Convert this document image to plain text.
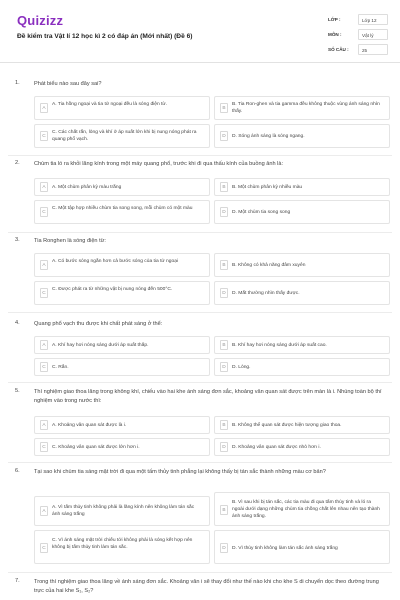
Quizizz
Đề kiểm tra Vật lí 12 học kì 2 có đáp án (Mới nhất) (Đề 6)
LỚP :	Lớp 12
MÔN :	Vật lý
SỐ CÂU :	25
1.	Phát biểu nào sau đây sai?
A
A. Tia hồng ngoại và tia tử ngoại đều là sóng điện từ.
B
B. Tia Ron-ghen và tia gamma đều không thuộc vùng ánh sáng nhìn thấy.
C
C. Các chất rắn, lỏng và khí ở áp suất lớn khi bị nung nóng phát ra quang phổ vạch.
D	D. Sóng ánh sáng là sóng ngang.
2.	Chùm tia ló ra khỏi lăng kính trong một máy quang phổ, trước khi đi qua thấu kính của buồng ảnh là:
A	A. Một chùm phân kỳ màu trắng	B	B. Một chùm phân kỳ nhiều màu
C
C. Một tập hợp nhiều chùm tia song song, mỗi chùm có một màu
D	D. Một chùm tia song song
3.	Tia Ronghen là sóng điện từ:
A
A. Có bước sóng ngắn hơn cả bước sóng của tia tử ngoại
B	B. Không có khả năng đâm xuyên
C
C. Được phát ra từ những vật bị nung nóng đến 500°C.
D	D. Mắt thường nhìn thấy được.
4.	Quang phổ vạch thu được khi chất phát sáng ở thể:
A	A. Khí hay hơi nóng sáng dưới áp suất thấp.	B	B. Khí hay hơi nóng sáng dưới áp suất cao.
C	C. Rắn.	D	D. Lỏng.
5.	Thí nghiệm giao thoa lăng trong không khí, chiếu vào hai khe ánh sáng đơn sắc, khoảng vân quan sát được trên màn là i. Nhúng toàn bộ thí nghiệm vào trong nước thì:
A	A. Khoảng vân quan sát được là i.	B	B. Không thể quan sát được hiện tượng giao thoa.
C	C. Khoảng vân quan sát được lớn hơn i.	D	D. Khoảng vân quan sát được nhỏ hơn i.
6.	Tại sao khi chùm tia sáng mặt trời đi qua một tấm thủy tinh phẳng lại không thấy bị tán sắc thành những màu cơ bản?
A
A. Vì tấm thủy tinh không phải là lăng kính nên không làm tán sắc ánh sáng trắng
B
B. Vì sau khi bị tán sắc, các tia màu đi qua tấm thủy tinh và ló ra ngoài dưới dạng những chùm tia chồng chất lên nhau nên tạo thành ánh sáng trắng.
C
C. Vì ánh sáng mặt trời chiếu tới không phải là sóng kết hợp nên không bị tấm thủy tinh làm tán sắc.	D	D. Vì thủy tinh không làm tán sắc ánh sáng trắng
7.	Trong thí nghiệm giao thoa lăng về ánh sáng đơn sắc. Khoảng vân i sẽ thay đổi như thế nào khi cho khe S di chuyển dọc theo đường trung trực của hai khe S₁, S₂?
